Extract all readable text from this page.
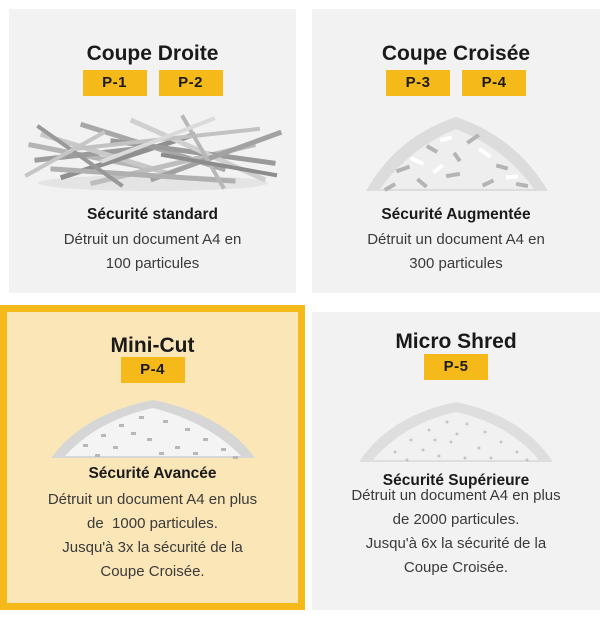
Coupe Droite
P-1	P-2
Sécurité standard
Détruit un document A4 en
100 particules
Coupe Croisée
P-3	P-4
Sécurité Augmentée
Détruit un document A4 en
300 particules
Mini-Cut
P-4
Sécurité Avancée
Détruit un document A4 en plus
de  1000 particules.
Jusqu'à 3x la sécurité de la
Coupe Croisée.
Micro Shred
P-5
Sécurité Supérieure
Détruit un document A4 en plus
de 2000 particules.
Jusqu'à 6x la sécurité de la
Coupe Croisée.
